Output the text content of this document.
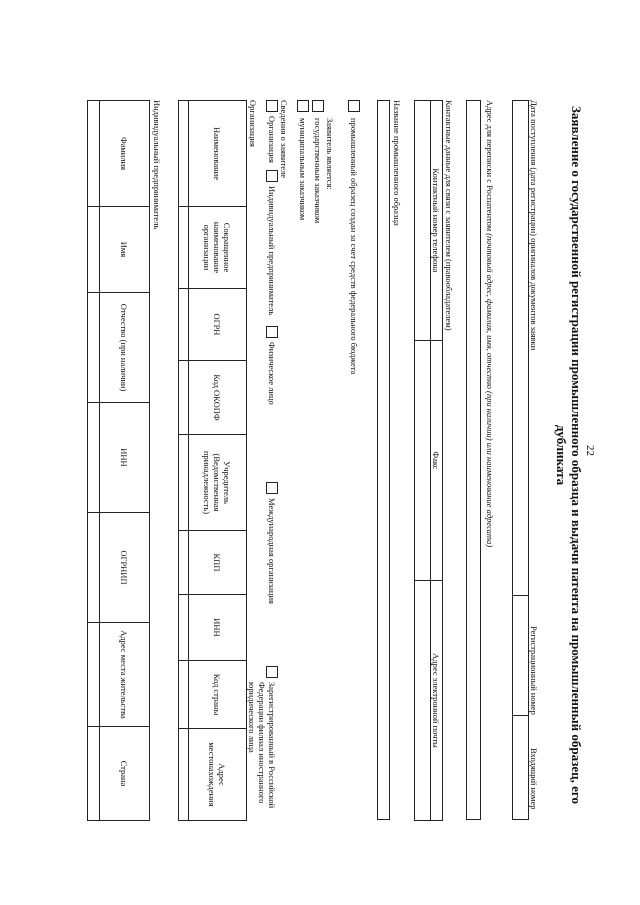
22
Заявление о государственной регистрации промышленного образца и выдачи патента на промышленный образец, его дубликата
Дата поступления (дата регистрации) оригиналов документов заявки
Регистрационный номер
Входящий номер
Адрес для переписки с Роспатентом (почтовый адрес, фамилия, имя, отчество (при наличии) или наименование адресата)
Контактные данные для связи с заявителем (правообладателем)
Контактный номер телефона	Факс	Адрес электронной почты

Название промышленного образца
промышленный образец создан за счет средств федерального бюджета
Заявитель является:
государственным заказчиком
муниципальным заказчиком
Сведения о заявителе
Организация
Индивидуальный предприниматель
Физическое лицо
Международная организация
Зарегистрированный в Российской Федерации филиал иностранного юридического лица
Организация
Наименование	Сокращенное наименование организации	ОГРН	Код ОКОПФ	Учредитель (Ведомственная принадлежность)	КПП	ИНН	Код страны	Адрес местонахождения

Индивидуальный предприниматель
Фамилия	Имя	Отчество (при наличии)	ИНН	ОГРНИП	Адрес места жительства	Страна
